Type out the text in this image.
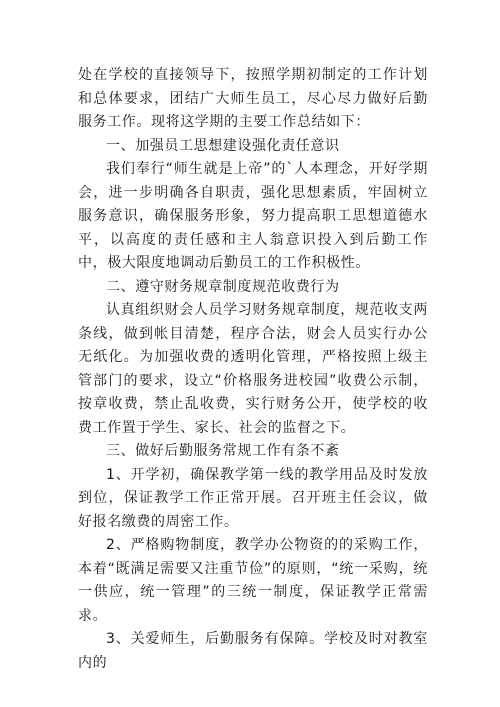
处在学校的直接领导下，按照学期初制定的工作计划和总体要求，团结广大师生员工，尽心尽力做好后勤服务工作。现将这学期的主要工作总结如下：

一、加强员工思想建设强化责任意识

我们奉行“师生就是上帝”的`人本理念，开好学期会，进一步明确各自职责，强化思想素质，牢固树立服务意识，确保服务形象，努力提高职工思想道德水平，以高度的责任感和主人翁意识投入到后勤工作中，极大限度地调动后勤员工的工作积极性。

二、遵守财务规章制度规范收费行为

认真组织财会人员学习财务规章制度，规范收支两条线，做到帐目清楚，程序合法，财会人员实行办公无纸化。为加强收费的透明化管理，严格按照上级主管部门的要求，设立“价格服务进校园”收费公示制，按章收费，禁止乱收费，实行财务公开，使学校的收费工作置于学生、家长、社会的监督之下。

三、做好后勤服务常规工作有条不紊

1、开学初，确保教学第一线的教学用品及时发放到位，保证教学工作正常开展。召开班主任会议，做好报名缴费的周密工作。

2、严格购物制度，教学办公物资的的采购工作，本着“既满足需要又注重节俭”的原则，“统一采购，统一供应，统一管理”的三统一制度，保证教学正常需求。

3、关爱师生，后勤服务有保障。学校及时对教室内的
